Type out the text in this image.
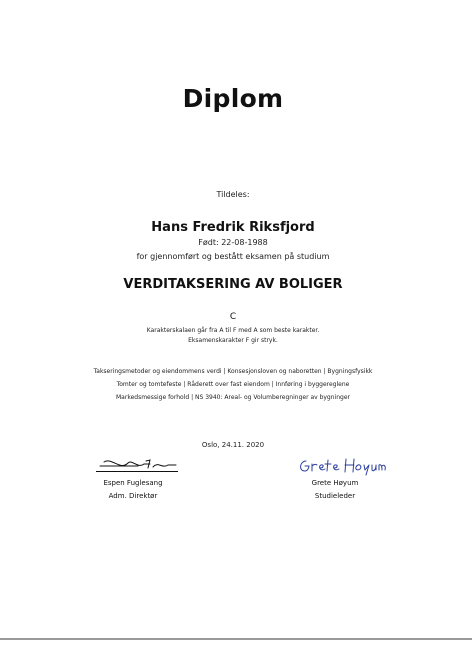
Diplom
Tildeles:
Hans Fredrik Riksfjord
Født: 22-08-1988
for gjennomført og bestått eksamen på studium
VERDITAKSERING AV BOLIGER
C
Karakterskalaen går fra A til F med A som beste karakter.
Eksamenskarakter F gir stryk.
Takseringsmetoder og eiendommens verdi | Konsesjonsloven og naboretten | Bygningsfysikk
Tomter og tomtefeste | Råderett over fast eiendom | Innføring i byggereglene
Markedsmessige forhold | NS 3940: Areal- og Volumberegninger av bygninger
Oslo, 24.11. 2020
Espen Fuglesang
Adm. Direktør
Grete Høyum
Studieleder
